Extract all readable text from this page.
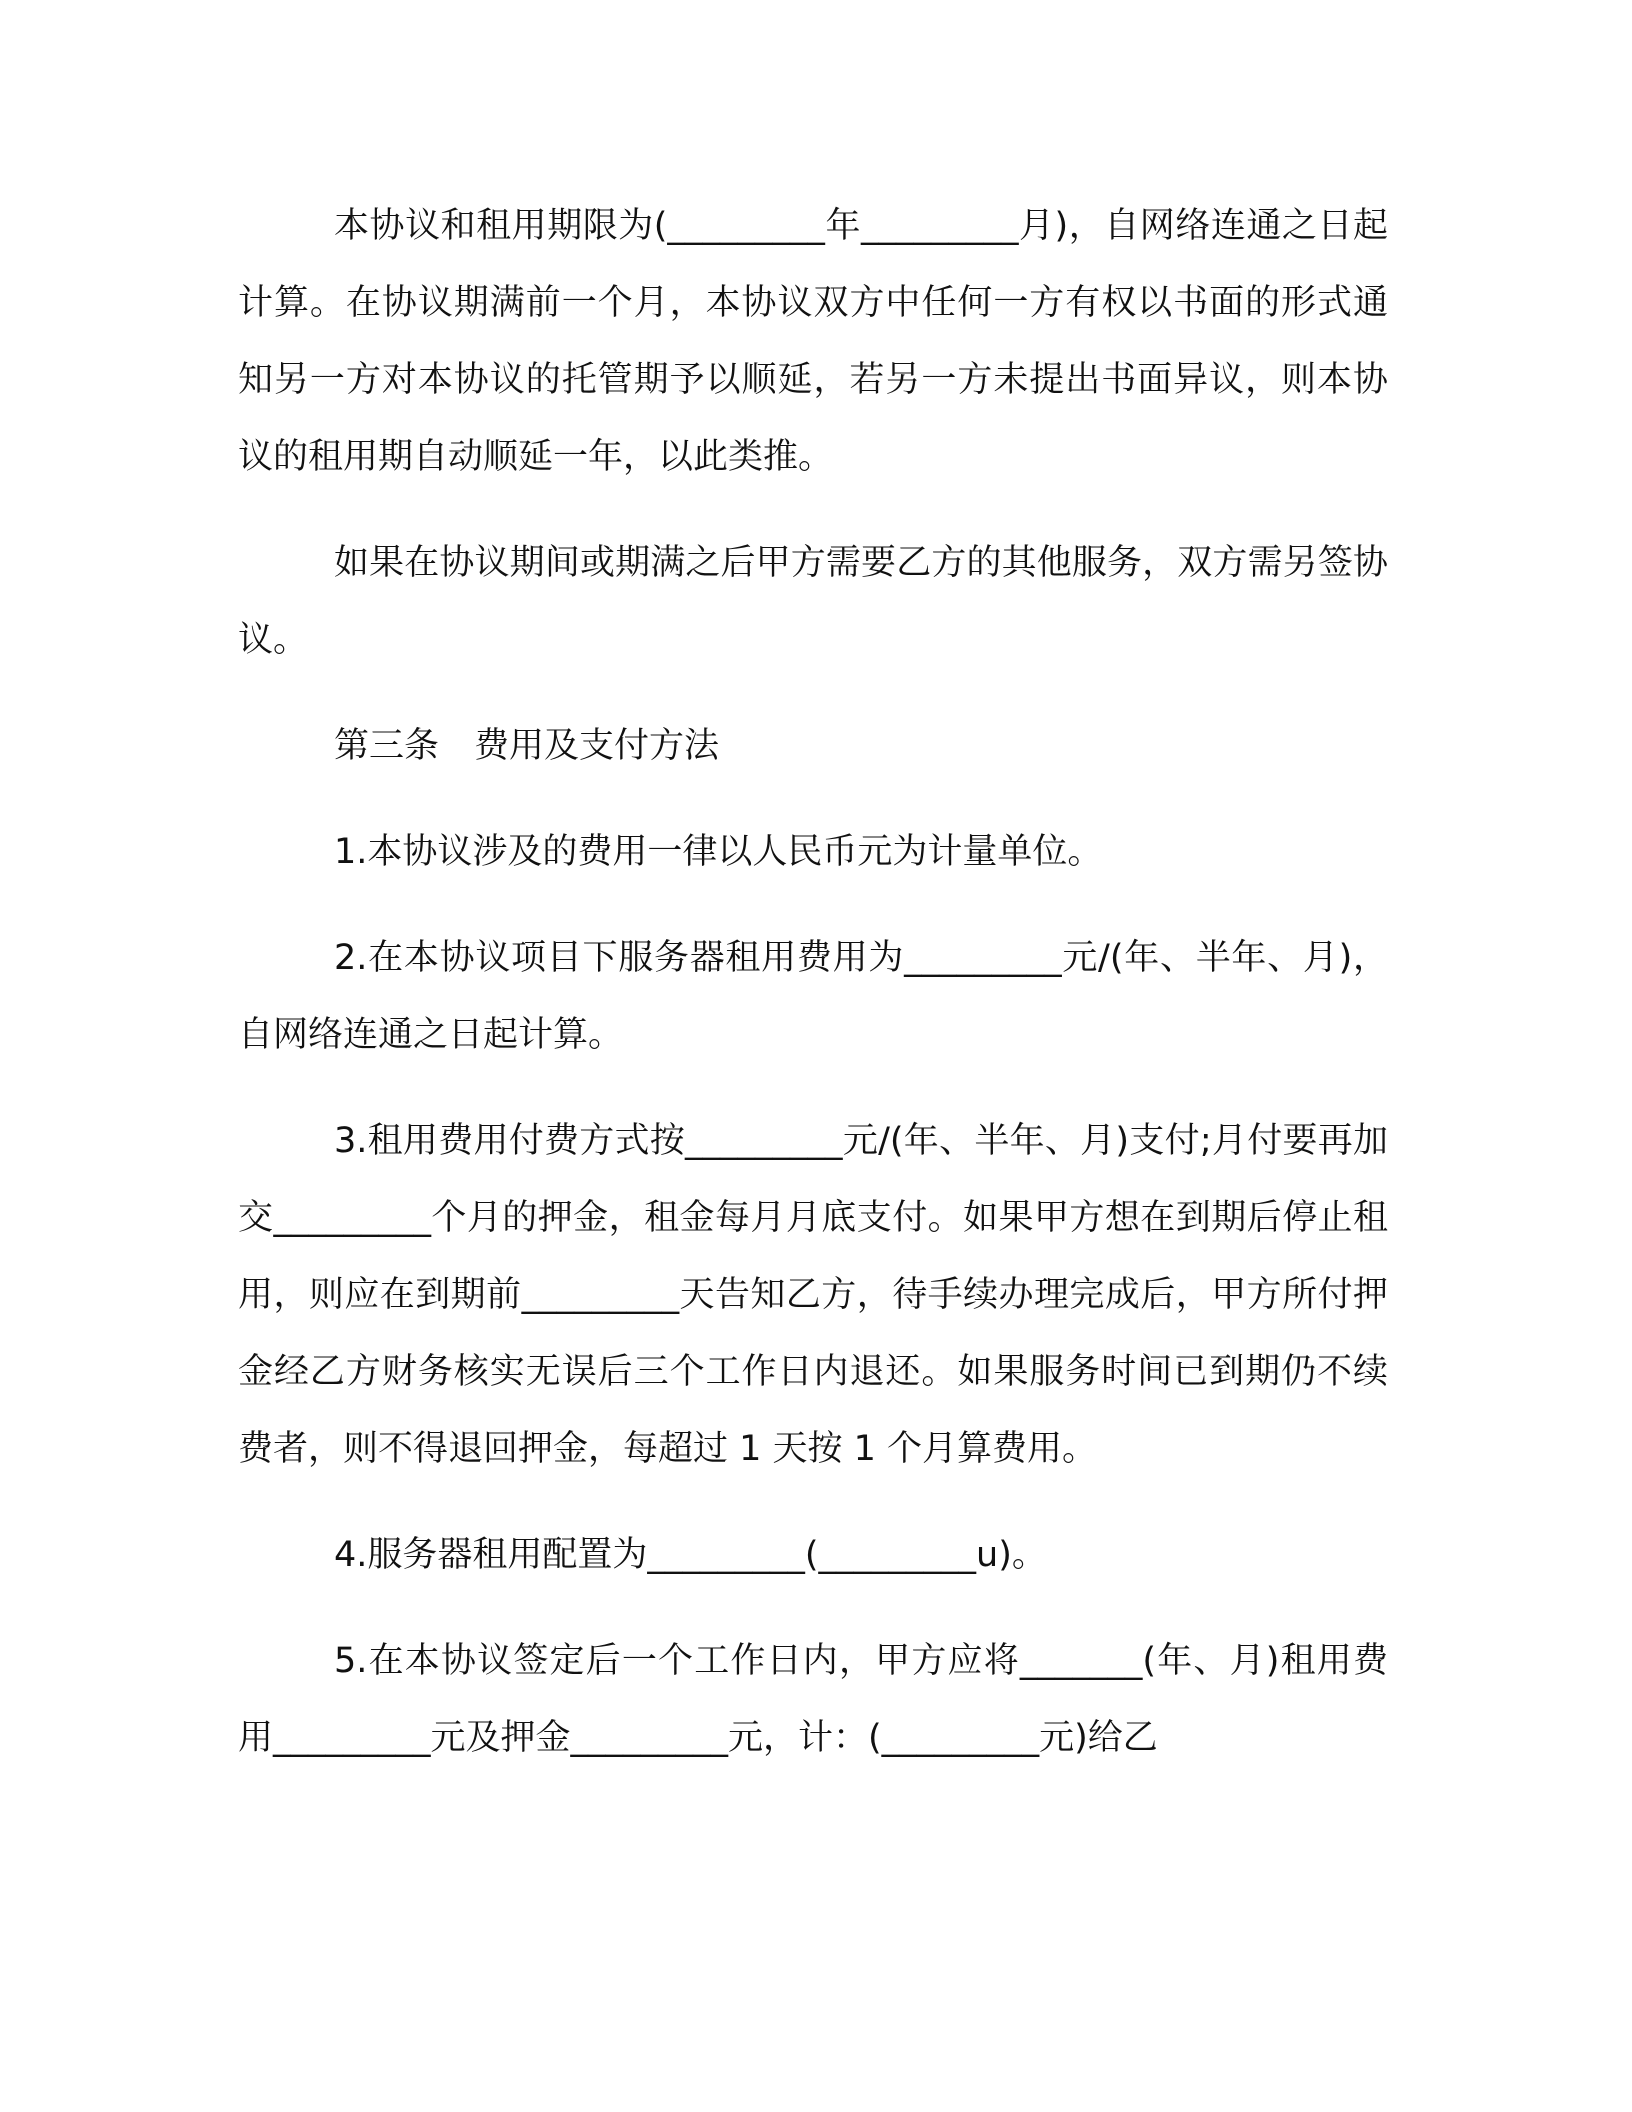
本协议和租用期限为(_________年_________月)，自网络连通之日起计算。在协议期满前一个月，本协议双方中任何一方有权以书面的形式通知另一方对本协议的托管期予以顺延，若另一方未提出书面异议，则本协议的租用期自动顺延一年，以此类推。

如果在协议期间或期满之后甲方需要乙方的其他服务，双方需另签协议。

第三条　费用及支付方法

1.本协议涉及的费用一律以人民币元为计量单位。

2.在本协议项目下服务器租用费用为_________元/(年、半年、月)，自网络连通之日起计算。

3.租用费用付费方式按_________元/(年、半年、月)支付;月付要再加交_________个月的押金，租金每月月底支付。如果甲方想在到期后停止租用，则应在到期前_________天告知乙方，待手续办理完成后，甲方所付押金经乙方财务核实无误后三个工作日内退还。如果服务时间已到期仍不续费者，则不得退回押金，每超过 1 天按 1 个月算费用。

4.服务器租用配置为_________(_________u)。

5.在本协议签定后一个工作日内，甲方应将_______(年、月)租用费用_________元及押金_________元，计：(_________元)给乙
